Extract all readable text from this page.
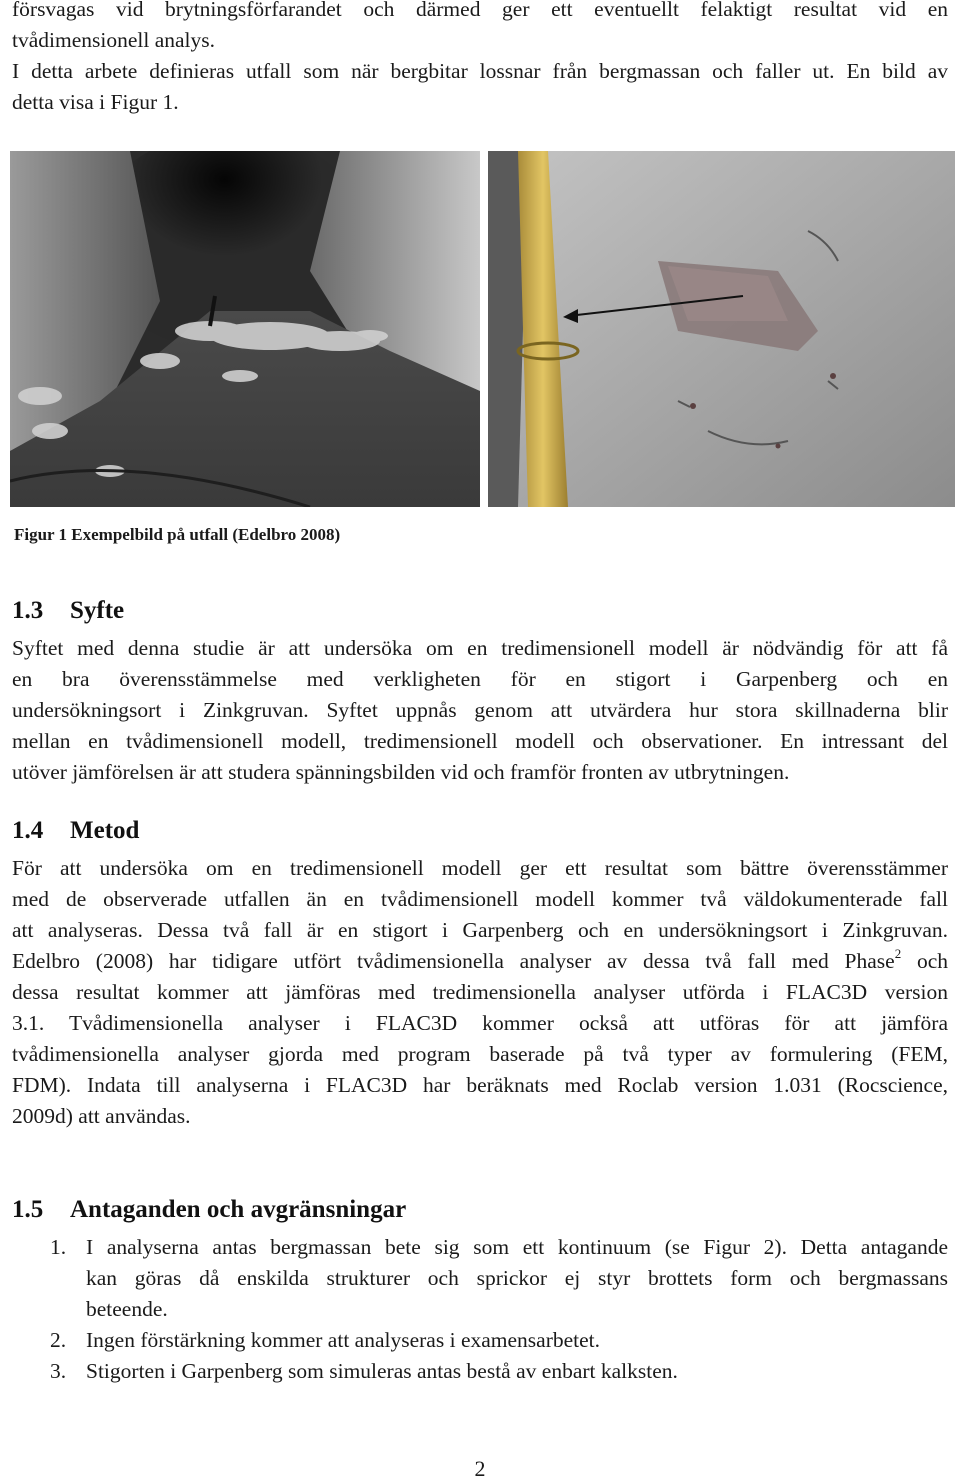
försvagas vid brytningsförfarandet och därmed ger ett eventuellt felaktigt resultat vid en

tvådimensionell analys.

I detta arbete definieras utfall som när bergbitar lossnar från bergmassan och faller ut. En bild av

detta visa i Figur 1.

Figur 1 Exempelbild på utfall (Edelbro 2008)
1.3 Syfte

Syftet med denna studie är att undersöka om en tredimensionell modell är nödvändig för att få

en bra överensstämmelse med verkligheten för en stigort i Garpenberg och en

undersökningsort i Zinkgruvan. Syftet uppnås genom att utvärdera hur stora skillnaderna blir

mellan en tvådimensionell modell, tredimensionell modell och observationer. En intressant del

utöver jämförelsen är att studera spänningsbilden vid och framför fronten av utbrytningen.

1.4 Metod

För att undersöka om en tredimensionell modell ger ett resultat som bättre överensstämmer

med de observerade utfallen än en tvådimensionell modell kommer två väldokumenterade fall

att analyseras. Dessa två fall är en stigort i Garpenberg och en undersökningsort i Zinkgruvan.

Edelbro (2008) har tidigare utfört tvådimensionella analyser av dessa två fall med Phase$^2$ och

dessa resultat kommer att jämföras med tredimensionella analyser utförda i FLAC3D version

3.1. Tvådimensionella analyser i FLAC3D kommer också att utföras för att jämföra

tvådimensionella analyser gjorda med program baserade på två typer av formulering (FEM,

FDM). Indata till analyserna i FLAC3D har beräknats med Roclab version 1.031 (Rocscience,

2009d) att användas.

1.5 Antaganden och avgränsningar
1. I analyserna antas bergmassan bete sig som ett kontinuum (se Figur 2). Detta antagande
kan göras då enskilda strukturer och sprickor ej styr brottets form och bergmassans
beteende.
2. Ingen förstärkning kommer att analyseras i examensarbetet.
3. Stigorten i Garpenberg som simuleras antas bestå av enbart kalksten.
2
